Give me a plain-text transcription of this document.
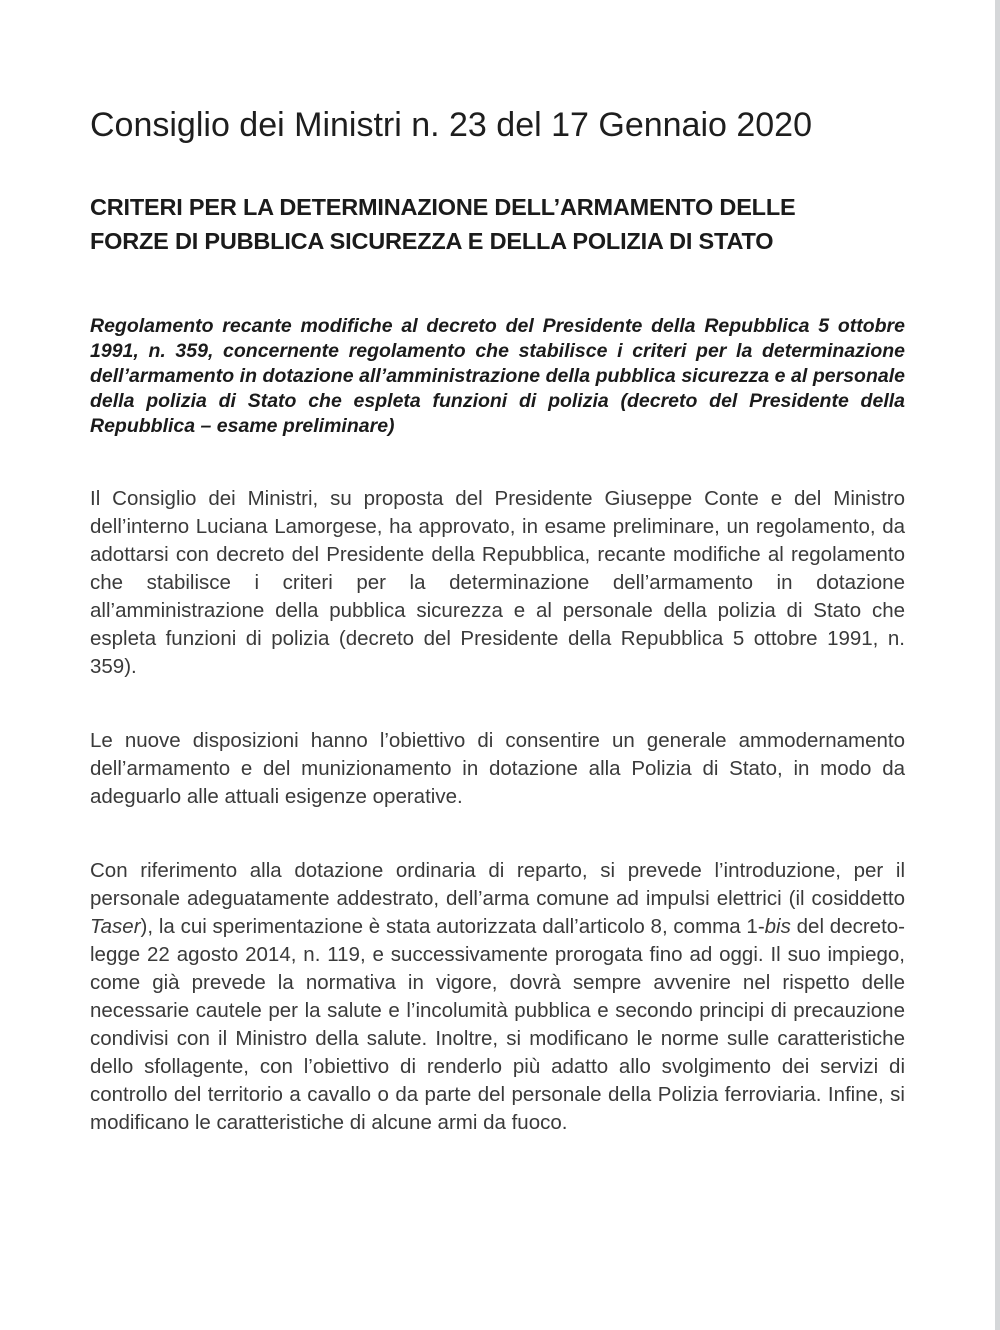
Consiglio dei Ministri n. 23 del 17 Gennaio 2020
CRITERI PER LA DETERMINAZIONE DELL’ARMAMENTO DELLE
FORZE DI PUBBLICA SICUREZZA E DELLA POLIZIA DI STATO

Regolamento recante modifiche al decreto del Presidente della Repubblica 5 ottobre 1991, n. 359, concernente regolamento che stabilisce i criteri per la determinazione dell’armamento in dotazione all’amministrazione della pubblica sicurezza e al personale della polizia di Stato che espleta funzioni di polizia (decreto del Presidente della Repubblica – esame preliminare)

Il Consiglio dei Ministri, su proposta del Presidente Giuseppe Conte e del Ministro dell’interno Luciana Lamorgese, ha approvato, in esame preliminare, un regolamento, da adottarsi con decreto del Presidente della Repubblica, recante modifiche al regolamento che stabilisce i criteri per la determinazione dell’armamento in dotazione all’amministrazione della pubblica sicurezza e al personale della polizia di Stato che espleta funzioni di polizia (decreto del Presidente della Repubblica 5 ottobre 1991, n. 359).

Le nuove disposizioni hanno l’obiettivo di consentire un generale ammodernamento dell’armamento e del munizionamento in dotazione alla Polizia di Stato, in modo da adeguarlo alle attuali esigenze operative.

Con riferimento alla dotazione ordinaria di reparto, si prevede l’introduzione, per il personale adeguatamente addestrato, dell’arma comune ad impulsi elettrici (il cosiddetto Taser), la cui sperimentazione è stata autorizzata dall’articolo 8, comma 1-bis del decreto-legge 22 agosto 2014, n. 119, e successivamente prorogata fino ad oggi. Il suo impiego, come già prevede la normativa in vigore, dovrà sempre avvenire nel rispetto delle necessarie cautele per la salute e l’incolumità pubblica e secondo principi di precauzione condivisi con il Ministro della salute. Inoltre, si modificano le norme sulle caratteristiche dello sfollagente, con l’obiettivo di renderlo più adatto allo svolgimento dei servizi di controllo del territorio a cavallo o da parte del personale della Polizia ferroviaria. Infine, si modificano le caratteristiche di alcune armi da fuoco.
